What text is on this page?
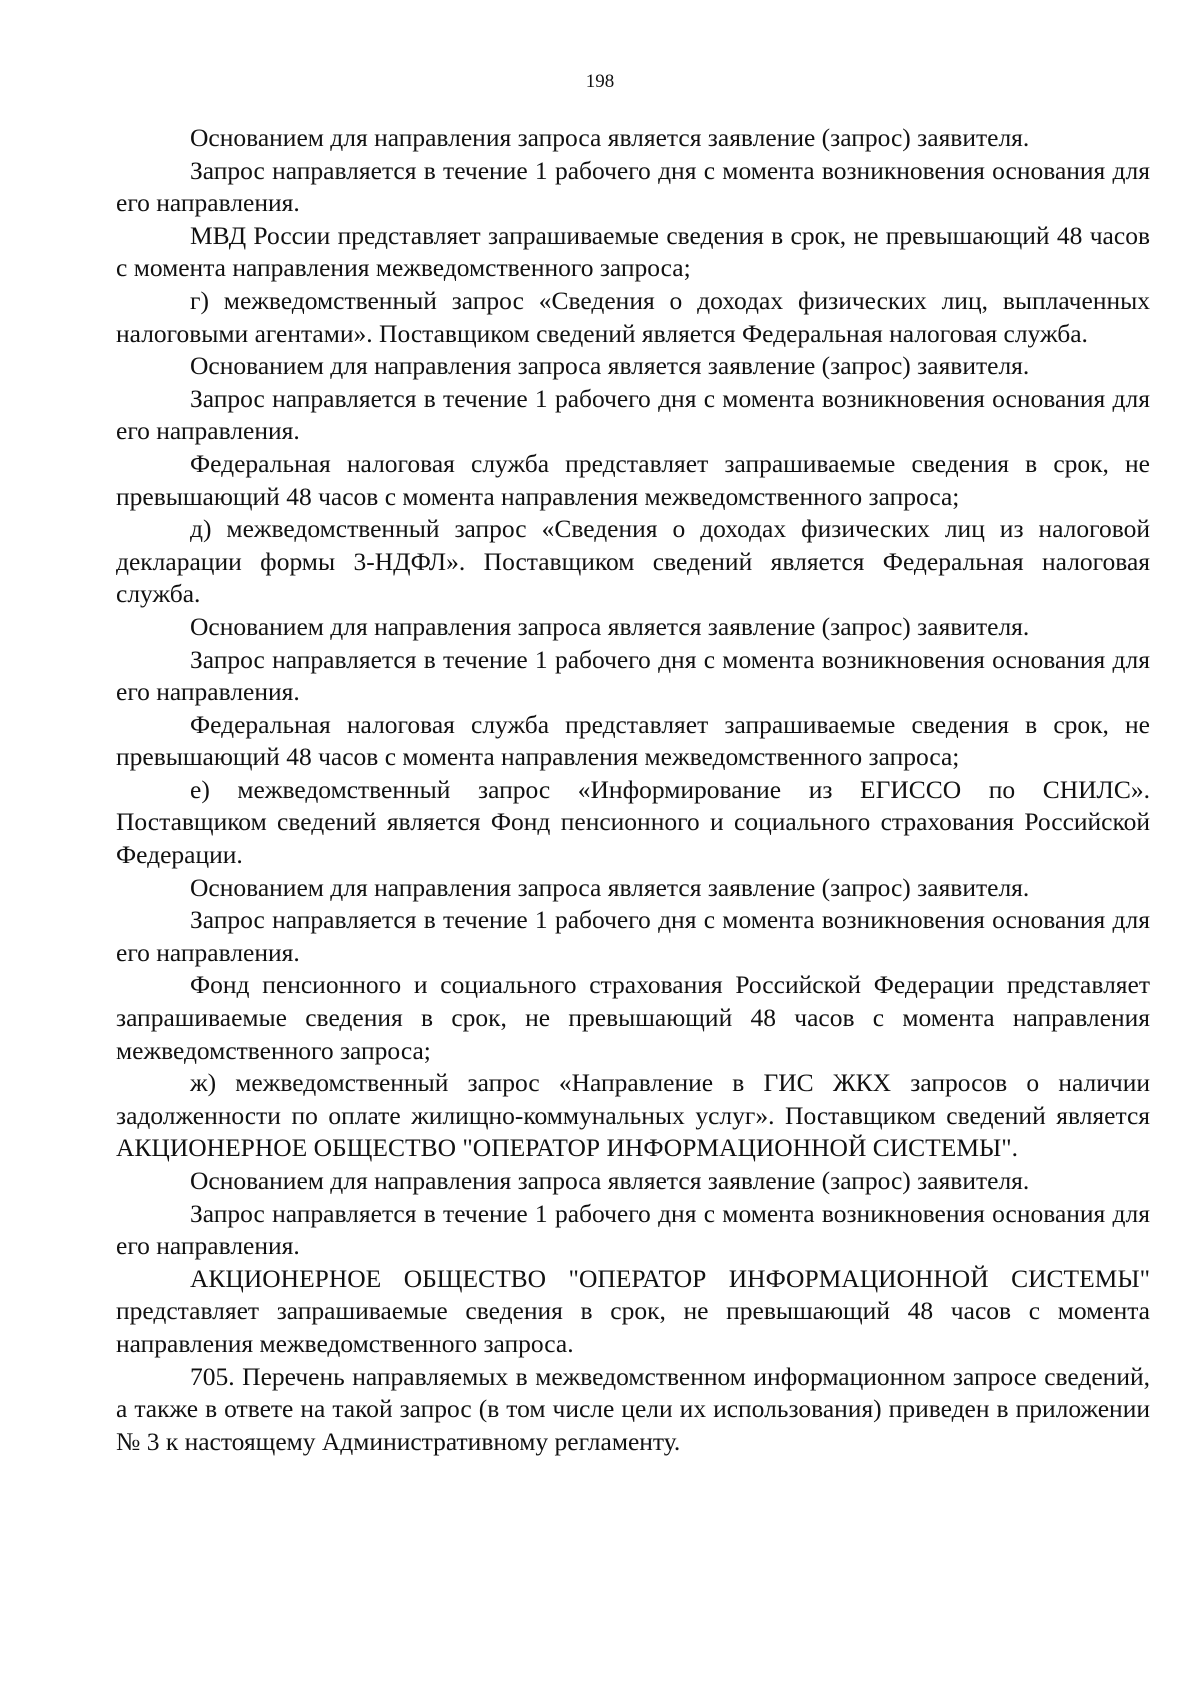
198

Основанием для направления запроса является заявление (запрос) заявителя.

Запрос направляется в течение 1 рабочего дня с момента возникновения основания для его направления.

МВД России представляет запрашиваемые сведения в срок, не превышающий 48 часов с момента направления межведомственного запроса;

г) межведомственный запрос «Сведения о доходах физических лиц, выплаченных налоговыми агентами». Поставщиком сведений является Федеральная налоговая служба.

Основанием для направления запроса является заявление (запрос) заявителя.

Запрос направляется в течение 1 рабочего дня с момента возникновения основания для его направления.

Федеральная налоговая служба представляет запрашиваемые сведения в срок, не превышающий 48 часов с момента направления межведомственного запроса;

д) межведомственный запрос «Сведения о доходах физических лиц из налоговой декларации формы 3-НДФЛ». Поставщиком сведений является Федеральная налоговая служба.

Основанием для направления запроса является заявление (запрос) заявителя.

Запрос направляется в течение 1 рабочего дня с момента возникновения основания для его направления.

Федеральная налоговая служба представляет запрашиваемые сведения в срок, не превышающий 48 часов с момента направления межведомственного запроса;

е) межведомственный запрос «Информирование из ЕГИССО по СНИЛС». Поставщиком сведений является Фонд пенсионного и социального страхования Российской Федерации.

Основанием для направления запроса является заявление (запрос) заявителя.

Запрос направляется в течение 1 рабочего дня с момента возникновения основания для его направления.

Фонд пенсионного и социального страхования Российской Федерации представляет запрашиваемые сведения в срок, не превышающий 48 часов с момента направления межведомственного запроса;

ж) межведомственный запрос «Направление в ГИС ЖКХ запросов о наличии задолженности по оплате жилищно-коммунальных услуг». Поставщиком сведений является АКЦИОНЕРНОЕ ОБЩЕСТВО "ОПЕРАТОР ИНФОРМАЦИОННОЙ СИСТЕМЫ".

Основанием для направления запроса является заявление (запрос) заявителя.

Запрос направляется в течение 1 рабочего дня с момента возникновения основания для его направления.

АКЦИОНЕРНОЕ ОБЩЕСТВО "ОПЕРАТОР ИНФОРМАЦИОННОЙ СИСТЕМЫ" представляет запрашиваемые сведения в срок, не превышающий 48 часов с момента направления межведомственного запроса.

705. Перечень направляемых в межведомственном информационном запросе сведений, а также в ответе на такой запрос (в том числе цели их использования) приведен в приложении № 3 к настоящему Административному регламенту.
